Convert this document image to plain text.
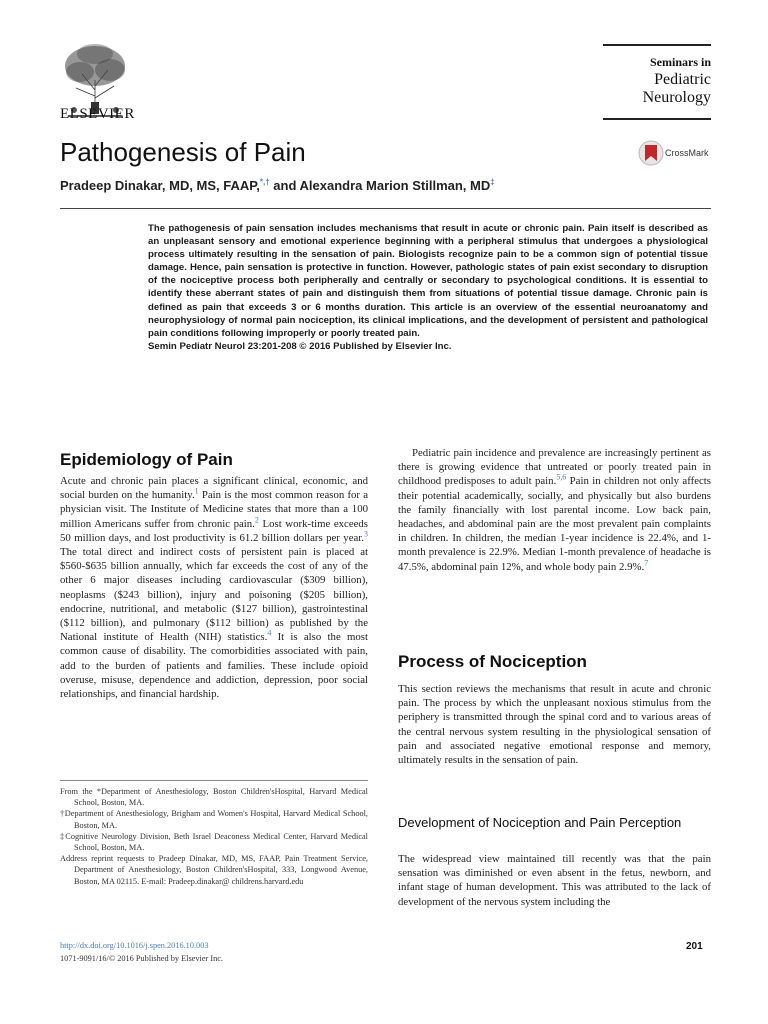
ELSEVIER
Seminars in
Pediatric
Neurology
Pathogenesis of Pain	CrossMark
Pradeep Dinakar, MD, MS, FAAP,*,† and Alexandra Marion Stillman, MD‡
The pathogenesis of pain sensation includes mechanisms that result in acute or chronic pain. Pain itself is described as an unpleasant sensory and emotional experience beginning with a peripheral stimulus that undergoes a physiological process ultimately resulting in the sensation of pain. Biologists recognize pain to be a common sign of potential tissue damage. Hence, pain sensation is protective in function. However, pathologic states of pain exist secondary to disruption of the nociceptive process both peripherally and centrally or secondary to psychological conditions. It is essential to identify these aberrant states of pain and distinguish them from situations of potential tissue damage. Chronic pain is defined as pain that exceeds 3 or 6 months duration. This article is an overview of the essential neuroanatomy and neurophysiology of normal pain nociception, its clinical implications, and the development of persistent and pathological pain conditions following improperly or poorly treated pain.
Semin Pediatr Neurol 23:201-208 © 2016 Published by Elsevier Inc.
Epidemiology of Pain
Acute and chronic pain places a significant clinical, economic, and social burden on the humanity.$^1$ Pain is the most common reason for a physician visit. The Institute of Medicine states that more than a 100 million Americans suffer from chronic pain.$^2$ Lost work-time exceeds 50 million days, and lost productivity is 61.2 billion dollars per year.$^3$ The total direct and indirect costs of persistent pain is placed at $560-$635 billion annually, which far exceeds the cost of any of the other 6 major diseases including cardiovascular ($309 billion), neoplasms ($243 billion), injury and poisoning ($205 billion), endocrine, nutritional, and metabolic ($127 billion), gastrointestinal ($112 billion), and pulmonary ($112 billion) as published by the National institute of Health (NIH) statistics.$^4$ It is also the most common cause of disability. The comorbidities associated with pain, add to the burden of patients and families. These include opioid overuse, misuse, dependence and addiction, depression, poor social relationships, and financial hardship.

From the *Department of Anesthesiology, Boston Children'sHospital, Harvard Medical School, Boston, MA.

†Department of Anesthesiology, Brigham and Women's Hospital, Harvard Medical School, Boston, MA.

‡Cognitive Neurology Division, Beth Israel Deaconess Medical Center, Harvard Medical School, Boston, MA.

Address reprint requests to Pradeep Dinakar, MD, MS, FAAP, Pain Treatment Service, Department of Anesthesiology, Boston Children'sHospital, 333, Longwood Avenue, Boston, MA 02115. E-mail: Pradeep.dinakar@ childrens.harvard.edu

Pediatric pain incidence and prevalence are increasingly pertinent as there is growing evidence that untreated or poorly treated pain in childhood predisposes to adult pain.$^{5,6}$ Pain in children not only affects their potential academically, socially, and physically but also burdens the family financially with lost parental income. Low back pain, headaches, and abdominal pain are the most prevalent pain complaints in children. In children, the median 1-year incidence is 22.4%, and 1-month prevalence is 22.9%. Median 1-month prevalence of headache is 47.5%, abdominal pain 12%, and whole body pain 2.9%.$^7$
Process of Nociception
This section reviews the mechanisms that result in acute and chronic pain. The process by which the unpleasant noxious stimulus from the periphery is transmitted through the spinal cord and to various areas of the central nervous system resulting in the physiological sensation of pain and associated negative emotional response and memory, ultimately results in the sensation of pain.
Development of Nociception and Pain Perception
The widespread view maintained till recently was that the pain sensation was diminished or even absent in the fetus, newborn, and infant stage of human development. This was attributed to the lack of development of the nervous system including the
http://dx.doi.org/10.1016/j.spen.2016.10.003
1071-9091/16/© 2016 Published by Elsevier Inc.
201
